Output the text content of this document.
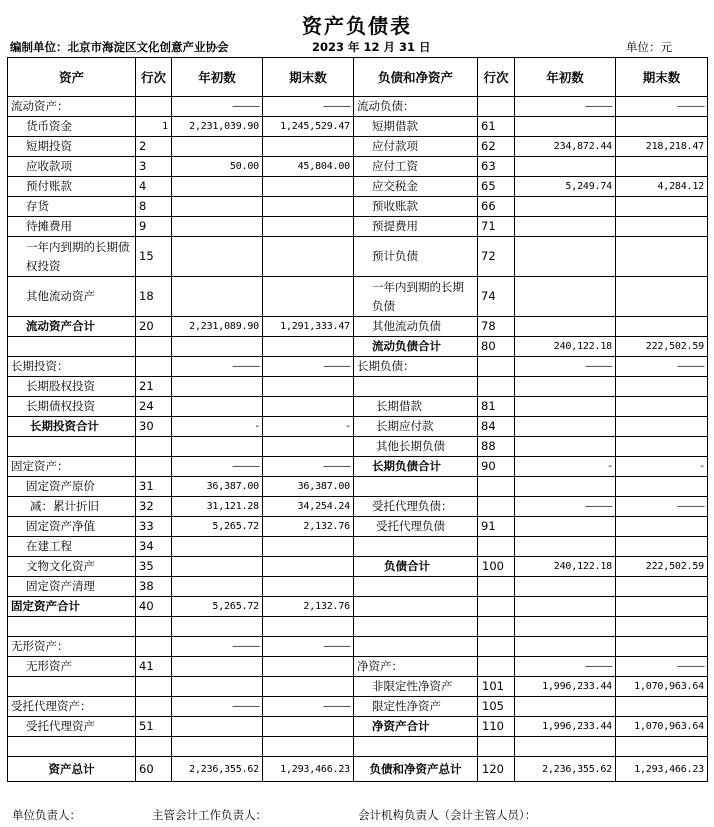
资产负债表
编制单位：北京市海淀区文化创意产业协会	2023 年 12 月 31 日	单位：元
资产	行次	年初数	期末数	负债和净资产	行次	年初数	期末数
流动资产：		———	———	流动负债：		———	———
货币资金	1	2,231,039.90	1,245,529.47	短期借款	61		
短期投资	2			应付款项	62	234,872.44	218,218.47
应收款项	3	50.00	45,804.00	应付工资	63		
预付账款	4			应交税金	65	5,249.74	4,284.12
存货	8			预收账款	66		
待摊费用	9			预提费用	71		
一年内到期的长期债权投资	15			预计负债	72		
其他流动资产	18			一年内到期的长期负债	74		
流动资产合计	20	2,231,089.90	1,291,333.47	其他流动负债	78		
				流动负债合计	80	240,122.18	222,502.59
长期投资：		———	———	长期负债：		———	———
长期股权投资	21						
长期债权投资	24			长期借款	81		
长期投资合计	30	-	-	长期应付款	84		
				其他长期负债	88		
固定资产：		———	———	长期负债合计	90	-	-
固定资产原价	31	36,387.00	36,387.00				
减：累计折旧	32	31,121.28	34,254.24	受托代理负债：		———	———
固定资产净值	33	5,265.72	2,132.76	受托代理负债	91		
在建工程	34						
文物文化资产	35			负债合计	100	240,122.18	222,502.59
固定资产清理	38						
固定资产合计	40	5,265.72	2,132.76				

无形资产：		———	———				
无形资产	41			净资产：		———	———
				非限定性净资产	101	1,996,233.44	1,070,963.64
受托代理资产：		———	———	限定性净资产	105		
受托代理资产	51			净资产合计	110	1,996,233.44	1,070,963.64

资产总计	60	2,236,355.62	1,293,466.23	负债和净资产总计	120	2,236,355.62	1,293,466.23
单位负责人：	主管会计工作负责人：	会计机构负责人（会计主管人员）：
